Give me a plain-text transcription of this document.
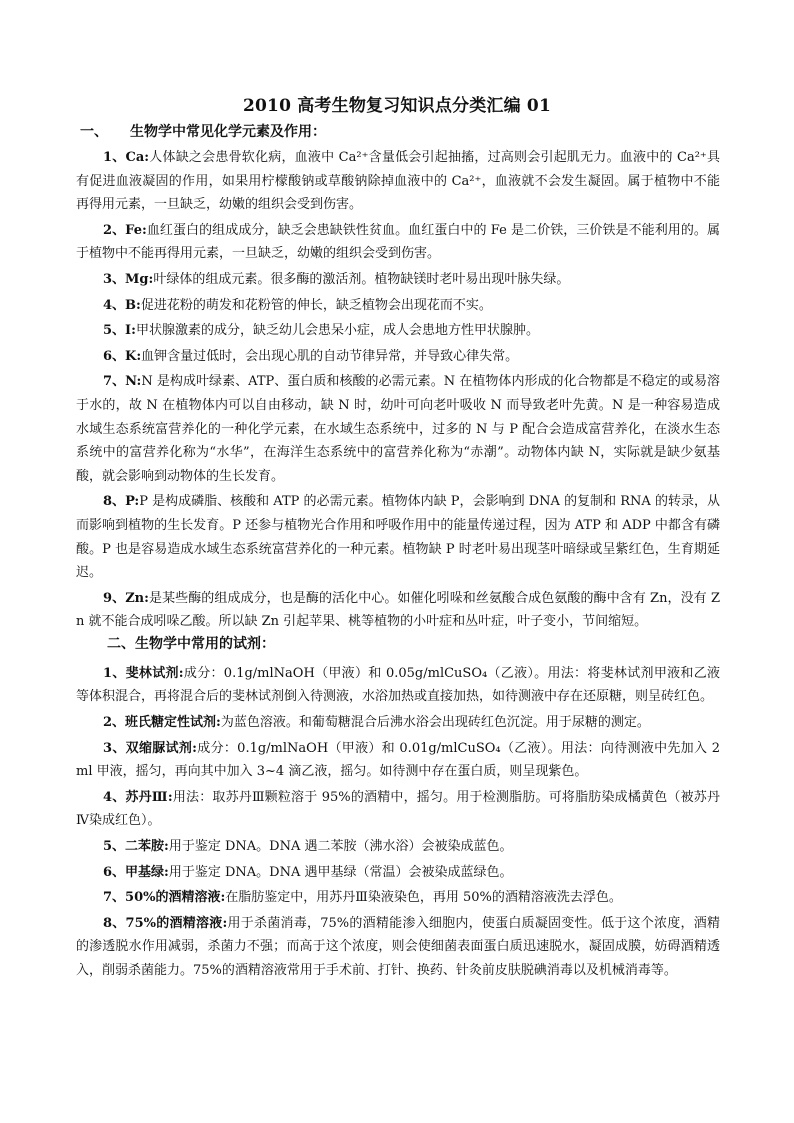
2010 高考生物复习知识点分类汇编 01
一、 生物学中常见化学元素及作用：

1、Ca:人体缺之会患骨软化病，血液中 Ca²⁺含量低会引起抽搐，过高则会引起肌无力。血液中的 Ca²⁺具有促进血液凝固的作用，如果用柠檬酸钠或草酸钠除掉血液中的 Ca²⁺，血液就不会发生凝固。属于植物中不能再得用元素，一旦缺乏，幼嫩的组织会受到伤害。

2、Fe:血红蛋白的组成成分，缺乏会患缺铁性贫血。血红蛋白中的 Fe 是二价铁，三价铁是不能利用的。属于植物中不能再得用元素，一旦缺乏，幼嫩的组织会受到伤害。

3、Mg:叶绿体的组成元素。很多酶的激活剂。植物缺镁时老叶易出现叶脉失绿。

4、B:促进花粉的萌发和花粉管的伸长，缺乏植物会出现花而不实。

5、I:甲状腺激素的成分，缺乏幼儿会患呆小症，成人会患地方性甲状腺肿。

6、K:血钾含量过低时，会出现心肌的自动节律异常，并导致心律失常。

7、N:N 是构成叶绿素、ATP、蛋白质和核酸的必需元素。N 在植物体内形成的化合物都是不稳定的或易溶于水的，故 N 在植物体内可以自由移动，缺 N 时，幼叶可向老叶吸收 N 而导致老叶先黄。N 是一种容易造成水域生态系统富营养化的一种化学元素，在水域生态系统中，过多的 N 与 P 配合会造成富营养化，在淡水生态系统中的富营养化称为“水华”，在海洋生态系统中的富营养化称为“赤潮”。动物体内缺 N，实际就是缺少氨基酸，就会影响到动物体的生长发育。

8、P:P 是构成磷脂、核酸和 ATP 的必需元素。植物体内缺 P，会影响到 DNA 的复制和 RNA 的转录，从而影响到植物的生长发育。P 还参与植物光合作用和呼吸作用中的能量传递过程，因为 ATP 和 ADP 中都含有磷酸。P 也是容易造成水域生态系统富营养化的一种元素。植物缺 P 时老叶易出现茎叶暗绿或呈紫红色，生育期延迟。

9、Zn:是某些酶的组成成分，也是酶的活化中心。如催化吲哚和丝氨酸合成色氨酸的酶中含有 Zn，没有 Zn 就不能合成吲哚乙酸。所以缺 Zn 引起苹果、桃等植物的小叶症和丛叶症，叶子变小，节间缩短。

1、斐林试剂:成分：0.1g/mlNaOH（甲液）和 0.05g/mlCuSO₄（乙液）。用法：将斐林试剂甲液和乙液等体积混合，再将混合后的斐林试剂倒入待测液，水浴加热或直接加热，如待测液中存在还原糖，则呈砖红色。

2、班氏糖定性试剂:为蓝色溶液。和葡萄糖混合后沸水浴会出现砖红色沉淀。用于尿糖的测定。

3、双缩脲试剂:成分：0.1g/mlNaOH（甲液）和 0.01g/mlCuSO₄（乙液）。用法：向待测液中先加入 2ml 甲液，摇匀，再向其中加入 3~4 滴乙液，摇匀。如待测中存在蛋白质，则呈现紫色。

4、苏丹Ⅲ:用法：取苏丹Ⅲ颗粒溶于 95%的酒精中，摇匀。用于检测脂肪。可将脂肪染成橘黄色（被苏丹Ⅳ染成红色）。

5、二苯胺:用于鉴定 DNA。DNA 遇二苯胺（沸水浴）会被染成蓝色。

6、甲基绿:用于鉴定 DNA。DNA 遇甲基绿（常温）会被染成蓝绿色。

7、50%的酒精溶液:在脂肪鉴定中，用苏丹Ⅲ染液染色，再用 50%的酒精溶液洗去浮色。

8、75%的酒精溶液:用于杀菌消毒，75%的酒精能渗入细胞内，使蛋白质凝固变性。低于这个浓度，酒精的渗透脱水作用减弱，杀菌力不强；而高于这个浓度，则会使细菌表面蛋白质迅速脱水，凝固成膜，妨碍酒精透入，削弱杀菌能力。75%的酒精溶液常用于手术前、打针、换药、针灸前皮肤脱碘消毒以及机械消毒等。

二、生物学中常用的试剂：
